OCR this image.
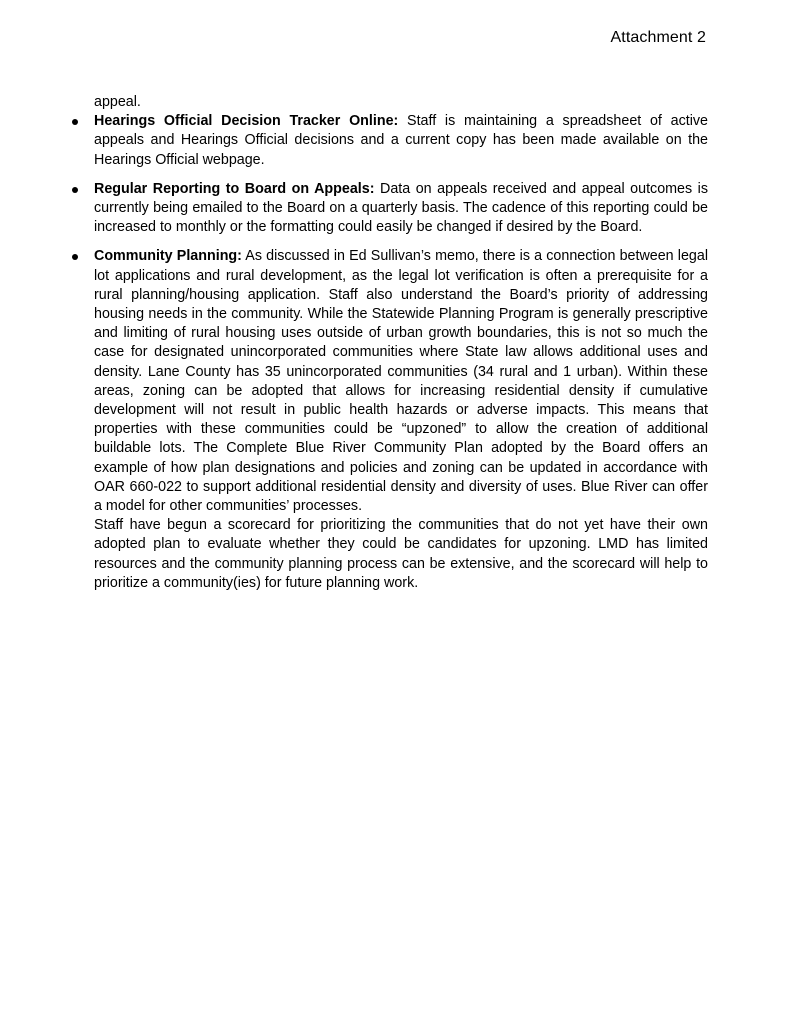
Attachment 2

appeal.

Hearings Official Decision Tracker Online: Staff is maintaining a spreadsheet of active appeals and Hearings Official decisions and a current copy has been made available on the Hearings Official webpage.
Regular Reporting to Board on Appeals: Data on appeals received and appeal outcomes is currently being emailed to the Board on a quarterly basis. The cadence of this reporting could be increased to monthly or the formatting could easily be changed if desired by the Board.
Community Planning: As discussed in Ed Sullivan’s memo, there is a connection between legal lot applications and rural development, as the legal lot verification is often a prerequisite for a rural planning/housing application. Staff also understand the Board’s priority of addressing housing needs in the community. While the Statewide Planning Program is generally prescriptive and limiting of rural housing uses outside of urban growth boundaries, this is not so much the case for designated unincorporated communities where State law allows additional uses and density. Lane County has 35 unincorporated communities (34 rural and 1 urban). Within these areas, zoning can be adopted that allows for increasing residential density if cumulative development will not result in public health hazards or adverse impacts. This means that properties with these communities could be “upzoned” to allow the creation of additional buildable lots. The Complete Blue River Community Plan adopted by the Board offers an example of how plan designations and policies and zoning can be updated in accordance with OAR 660-022 to support additional residential density and diversity of uses. Blue River can offer a model for other communities’ processes.

Staff have begun a scorecard for prioritizing the communities that do not yet have their own adopted plan to evaluate whether they could be candidates for upzoning. LMD has limited resources and the community planning process can be extensive, and the scorecard will help to prioritize a community(ies) for future planning work.
